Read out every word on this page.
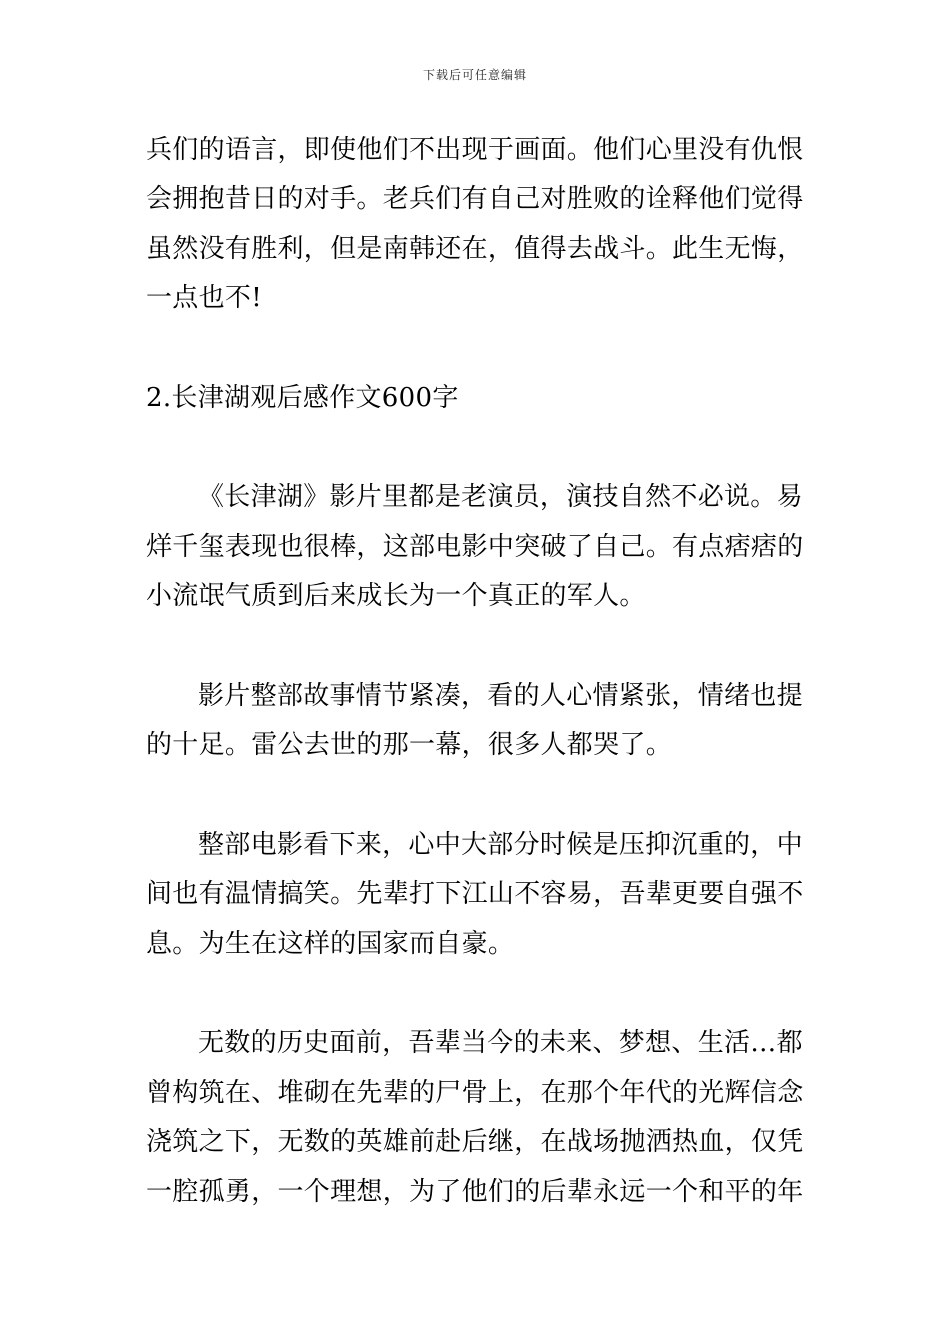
下载后可任意编辑
兵们的语言，即使他们不出现于画面。他们心里没有仇恨
会拥抱昔日的对手。老兵们有自己对胜败的诠释他们觉得
虽然没有胜利，但是南韩还在，值得去战斗。此生无悔，
一点也不!
2.长津湖观后感作文600字
《长津湖》影片里都是老演员，演技自然不必说。易
烊千玺表现也很棒，这部电影中突破了自己。有点痞痞的
小流氓气质到后来成长为一个真正的军人。
影片整部故事情节紧凑，看的人心情紧张，情绪也提
的十足。雷公去世的那一幕，很多人都哭了。
整部电影看下来，心中大部分时候是压抑沉重的，中
间也有温情搞笑。先辈打下江山不容易，吾辈更要自强不
息。为生在这样的国家而自豪。
无数的历史面前，吾辈当今的未来、梦想、生活…都
曾构筑在、堆砌在先辈的尸骨上，在那个年代的光辉信念
浇筑之下，无数的英雄前赴后继，在战场抛洒热血，仅凭
一腔孤勇，一个理想，为了他们的后辈永远一个和平的年
